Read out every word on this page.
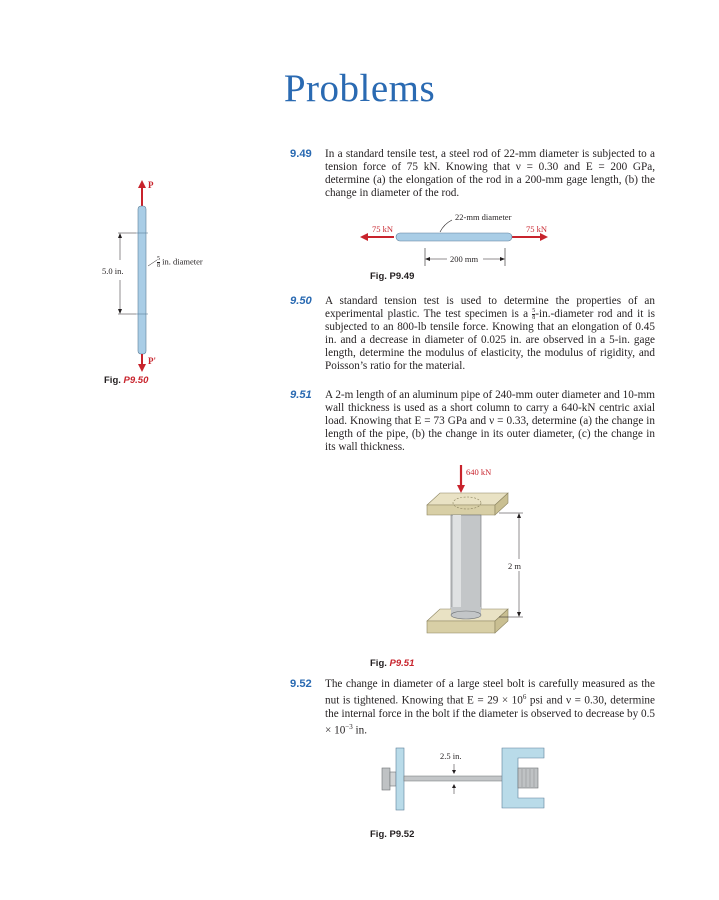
Problems
9.49 In a standard tensile test, a steel rod of 22-mm diameter is subjected to a tension force of 75 kN. Knowing that ν = 0.30 and E = 200 GPa, determine (a) the elongation of the rod in a 200-mm gage length, (b) the change in diameter of the rod.

22-mm diameter
75 kN	75 kN
200 mm
Fig. P9.49
9.50 A standard tension test is used to determine the properties of an experimental plastic. The test specimen is a $\frac{5}{8}$ -in.-diameter rod and it is subjected to an 800-lb tensile force. Knowing that an elongation of 0.45 in. and a decrease in diameter of 0.025 in. are observed in a 5-in. gage length, determine the modulus of elasticity, the modulus of rigidity, and Poisson’s ratio for the material.

P
P'
5.0 in.
$\frac{5}{8}$ in. diameter
Fig. P9.50
9.51 A 2-m length of an aluminum pipe of 240-mm outer diameter and 10-mm wall thickness is used as a short column to carry a 640-kN centric axial load. Knowing that E = 73 GPa and ν = 0.33, determine (a) the change in length of the pipe, (b) the change in its outer diameter, (c) the change in its wall thickness.

640 kN
2 m
Fig. P9.51
9.52 The change in diameter of a large steel bolt is carefully measured as the nut is tightened. Knowing that $E = 29 \times 10^6$ psi and ν = 0.30, determine the internal force in the bolt if the diameter is observed to decrease by $0.5 \times 10^{-3}$ in.

2.5 in.
Fig. P9.52
